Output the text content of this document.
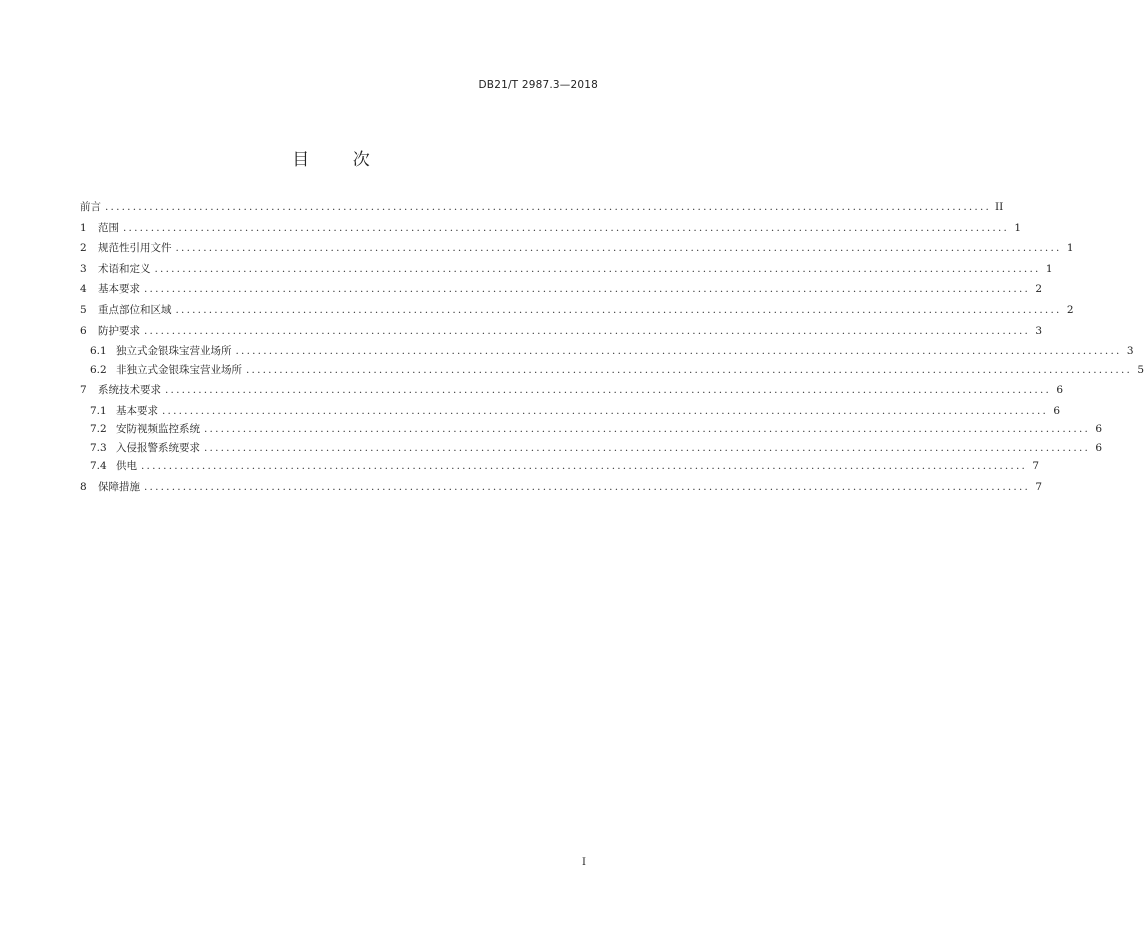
DB21/T 2987.3—2018
目 次
前言 ................................................................................................................................................................ II
1	范围 ................................................................................................................................................................ 1
2	规范性引用文件 ................................................................................................................................................................ 1
3	术语和定义 ................................................................................................................................................................ 1
4	基本要求 ................................................................................................................................................................ 2
5	重点部位和区域 ................................................................................................................................................................ 2
6	防护要求 ................................................................................................................................................................ 3
6.1 独立式金银珠宝营业场所 ................................................................................................................................................................ 3
6.2 非独立式金银珠宝营业场所 ................................................................................................................................................................ 5
7	系统技术要求 ................................................................................................................................................................ 6
7.1 基本要求 ................................................................................................................................................................ 6
7.2 安防视频监控系统 ................................................................................................................................................................ 6
7.3 入侵报警系统要求 ................................................................................................................................................................ 6
7.4 供电 ................................................................................................................................................................ 7
8	保障措施 ................................................................................................................................................................ 7
I
